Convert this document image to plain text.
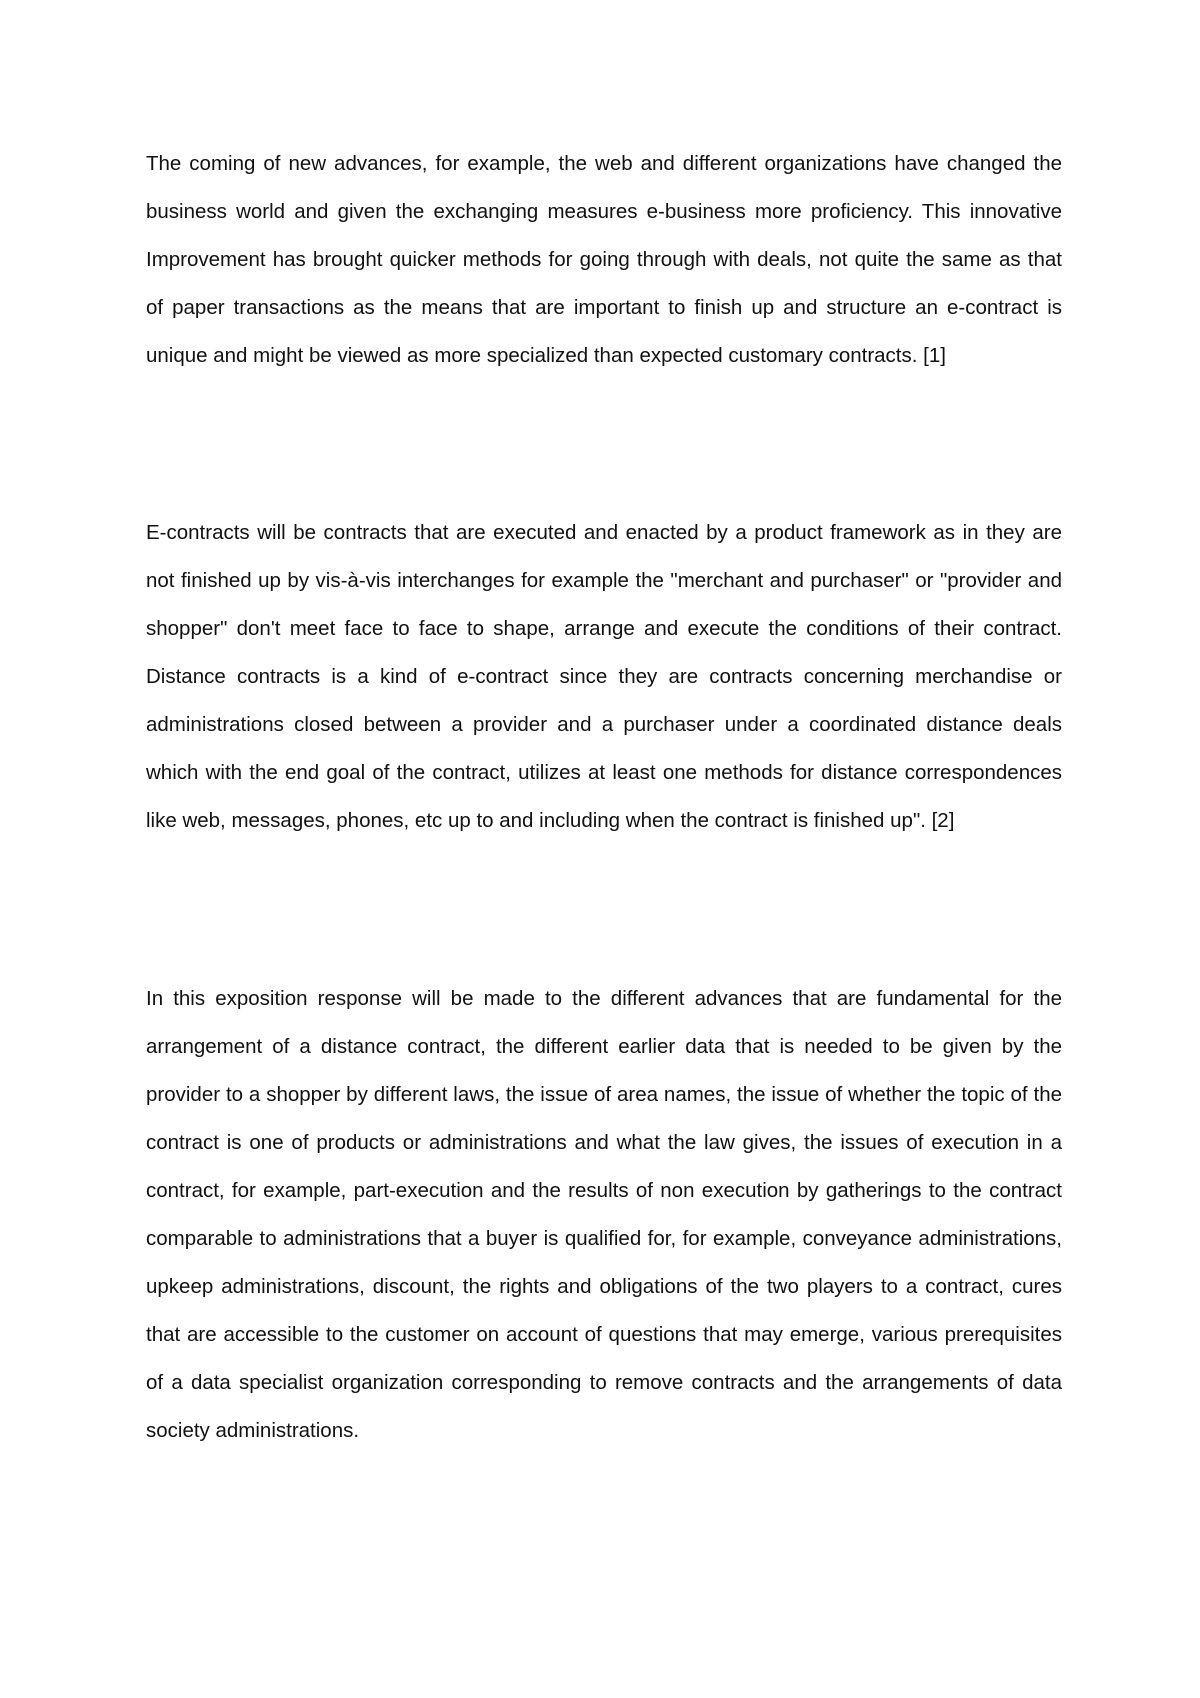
The coming of new advances, for example, the web and different organizations have changed the business world and given the exchanging measures e-business more proficiency. This innovative Improvement has brought quicker methods for going through with deals, not quite the same as that of paper transactions as the means that are important to finish up and structure an e-contract is unique and might be viewed as more specialized than expected customary contracts. [1]

E-contracts will be contracts that are executed and enacted by a product framework as in they are not finished up by vis-à-vis interchanges for example the "merchant and purchaser" or "provider and shopper" don't meet face to face to shape, arrange and execute the conditions of their contract. Distance contracts is a kind of e-contract since they are contracts concerning merchandise or administrations closed between a provider and a purchaser under a coordinated distance deals which with the end goal of the contract, utilizes at least one methods for distance correspondences like web, messages, phones, etc up to and including when the contract is finished up". [2]

In this exposition response will be made to the different advances that are fundamental for the arrangement of a distance contract, the different earlier data that is needed to be given by the provider to a shopper by different laws, the issue of area names, the issue of whether the topic of the contract is one of products or administrations and what the law gives, the issues of execution in a contract, for example, part-execution and the results of non execution by gatherings to the contract comparable to administrations that a buyer is qualified for, for example, conveyance administrations, upkeep administrations, discount, the rights and obligations of the two players to a contract, cures that are accessible to the customer on account of questions that may emerge, various prerequisites of a data specialist organization corresponding to remove contracts and the arrangements of data society administrations.
